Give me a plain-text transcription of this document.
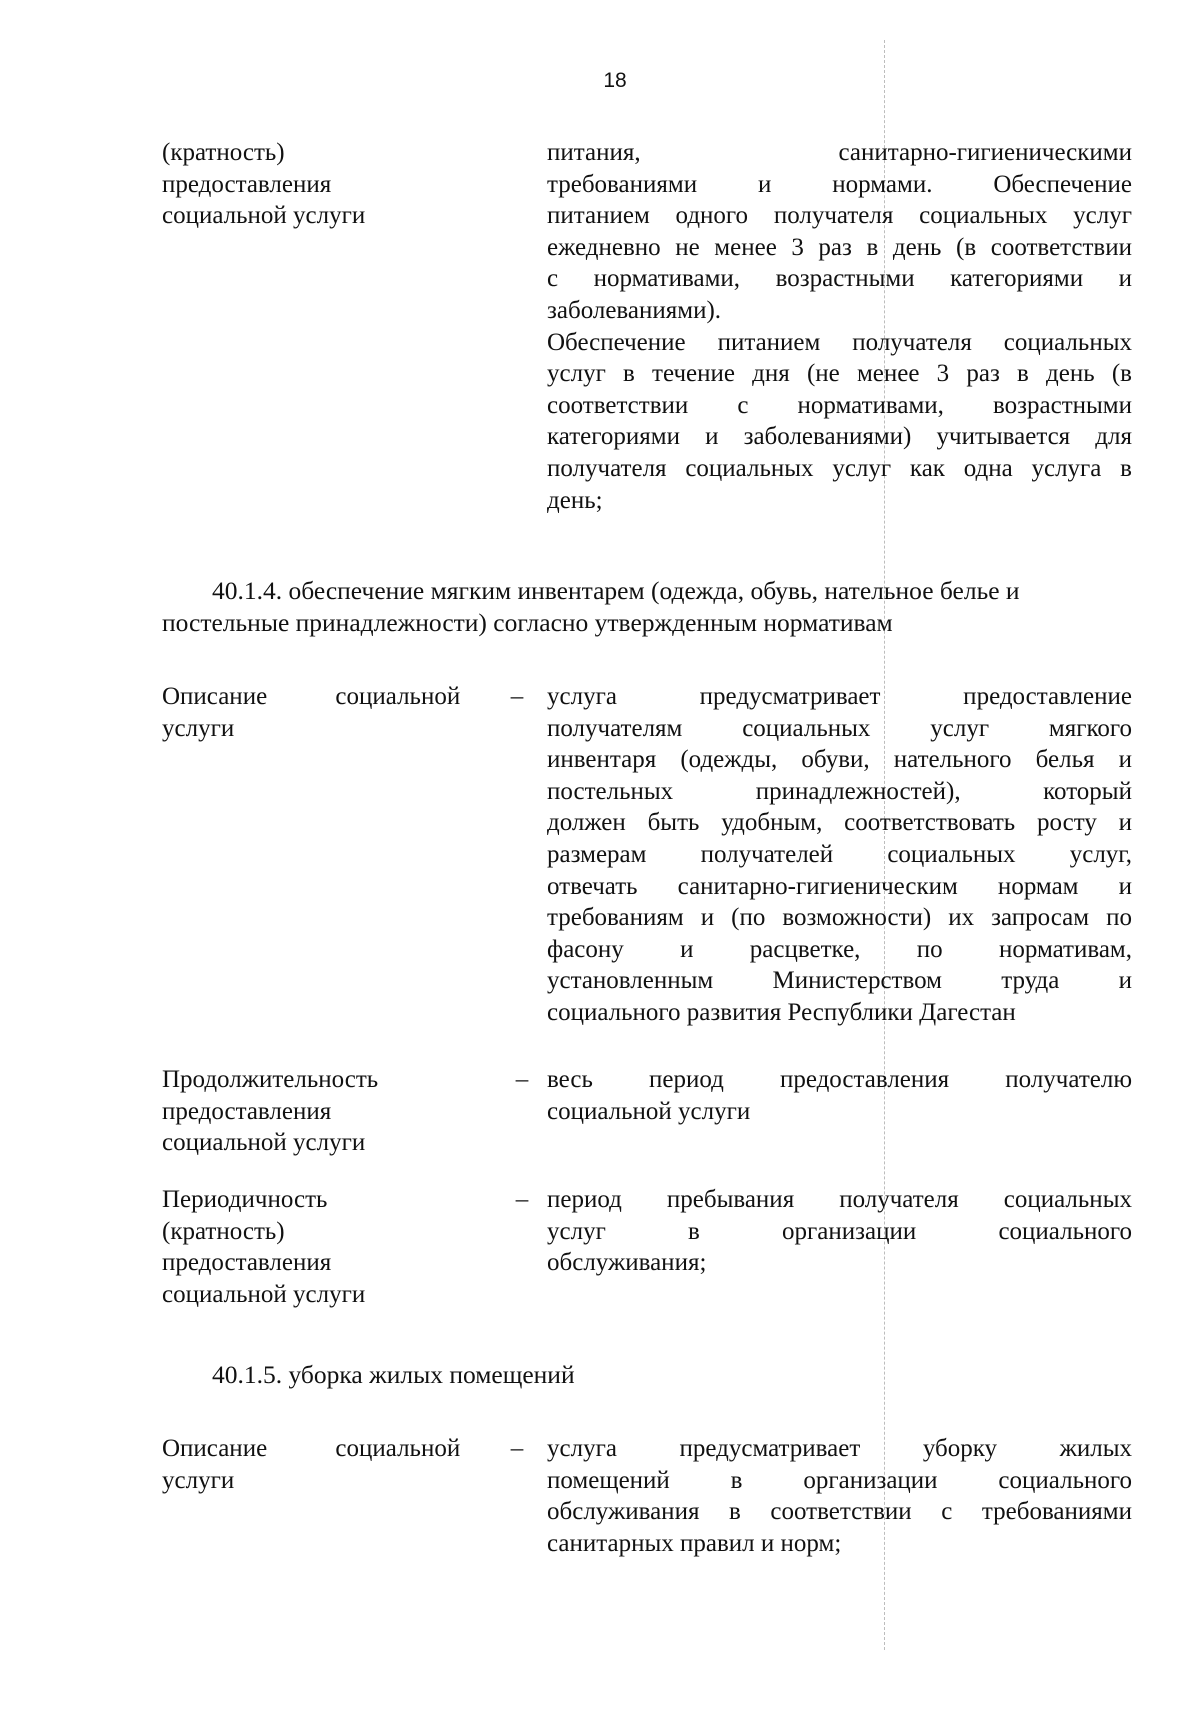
18
(кратность)
предоставления
социальной услуги
питания, санитарно-гигиеническими
требованиями и нормами. Обеспечение
питанием одного получателя социальных услуг
ежедневно не менее 3 раз в день (в соответствии
с нормативами, возрастными категориями и
заболеваниями).
Обеспечение питанием получателя социальных
услуг в течение дня (не менее 3 раз в день (в
соответствии с нормативами, возрастными
категориями и заболеваниями) учитывается для
получателя социальных услуг как одна услуга в
день;
40.1.4. обеспечение мягким инвентарем (одежда, обувь, нательное белье и
постельные принадлежности) согласно утвержденным нормативам
Описание социальной
услуги
– услуга предусматривает предоставление
получателям социальных услуг мягкого
инвентаря (одежды, обуви, нательного белья и
постельных принадлежностей), который
должен быть удобным, соответствовать росту и
размерам получателей социальных услуг,
отвечать санитарно-гигиеническим нормам и
требованиям и (по возможности) их запросам по
фасону и расцветке, по нормативам,
установленным Министерством труда и
социального развития Республики Дагестан
Продолжительность
предоставления
социальной услуги
– весь период предоставления получателю
социальной услуги
Периодичность
(кратность)
предоставления
социальной услуги
– период пребывания получателя социальных
услуг в организации социального
обслуживания;
40.1.5. уборка жилых помещений
Описание социальной
услуги
– услуга предусматривает уборку жилых
помещений в организации социального
обслуживания в соответствии с требованиями
санитарных правил и норм;
